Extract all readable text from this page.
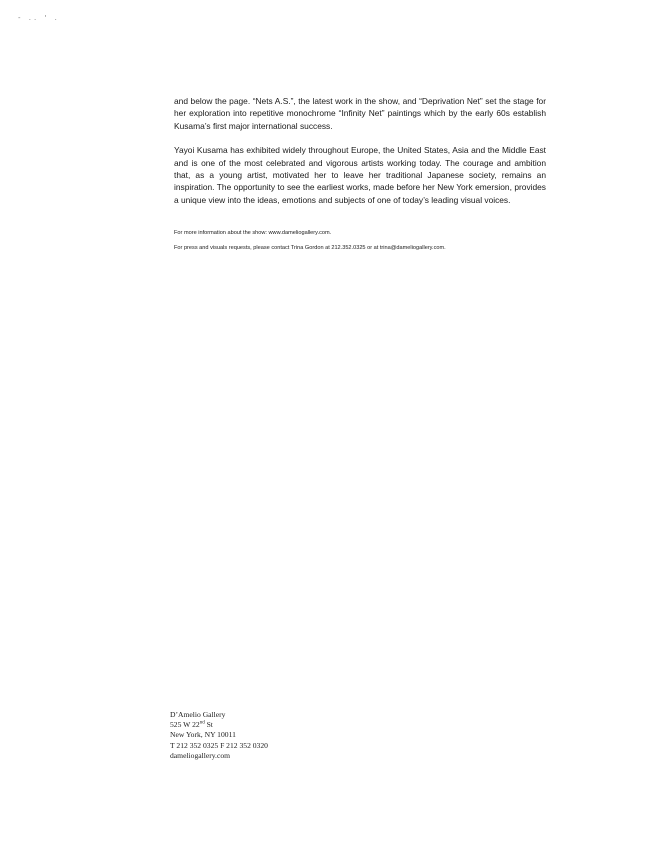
- .. ' .

and below the page. “Nets A.S.”, the latest work in the show, and “Deprivation Net” set the stage for her exploration into repetitive monochrome “Infinity Net” paintings which by the early 60s establish Kusama’s first major international success.

Yayoi Kusama has exhibited widely throughout Europe, the United States, Asia and the Middle East and is one of the most celebrated and vigorous artists working today. The courage and ambition that, as a young artist, motivated her to leave her traditional Japanese society, remains an inspiration. The opportunity to see the earliest works, made before her New York emersion, provides a unique view into the ideas, emotions and subjects of one of today’s leading visual voices.

For more information about the show: www.dameliogallery.com.

For press and visuals requests, please contact Trina Gordon at 212.352.0325 or at trina@dameliogallery.com.

D’Amelio Gallery
525 W 22nd St
New York, NY 10011
T 212 352 0325 F 212 352 0320
dameliogallery.com
